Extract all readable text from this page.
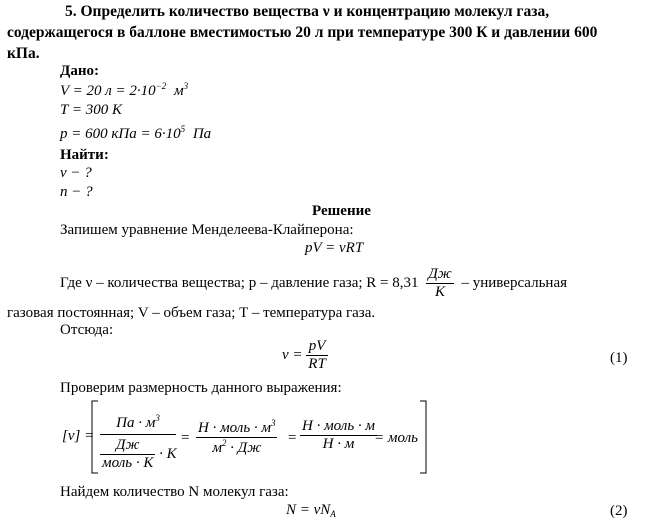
5. Определить количество вещества ν и концентрацию молекул газа,
содержащегося в баллоне вместимостью 20 л при температуре 300 К и давлении 600
кПа.
Дано:
V = 20 $л = 2\cdot 10^{-2}$ $м^3$
T = 300 K
p = 600 кПа = $6\cdot 10^5$ Па
Найти:
ν − ?
n − ?
Решение
Запишем уравнение Менделеева-Клайперона:
pV = νRT
Где ν – количества вещества; p – давление газа; $R = 8,31 \frac{Дж}{K}$ – универсальная
газовая постоянная; V – объем газа; T – температура газа.
Отсюда:
$\nu = \frac{pV}{RT}$	(1)
Проверим размерность данного выражения:
[ν] =
Па · $м^3$
$\frac{Дж}{\text{моль · K}} \cdot K$
=
Н · моль · $м^3$
$м^2$ · Дж
=
Н · моль · м
Н · м	= моль
Найдем количество N молекул газа:
$N = \nu N_A$	(2)
